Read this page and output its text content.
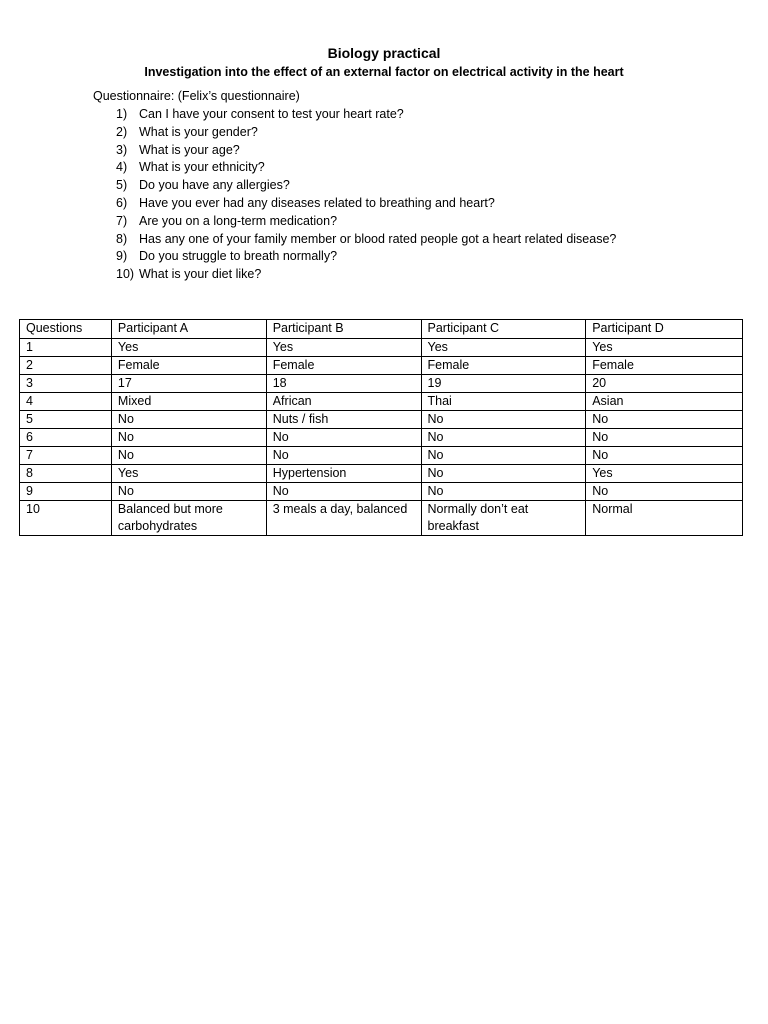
Biology practical
Investigation into the effect of an external factor on electrical activity in the heart
Questionnaire: (Felix’s questionnaire)
1) Can I have your consent to test your heart rate?
2) What is your gender?
3) What is your age?
4) What is your ethnicity?
5) Do you have any allergies?
6) Have you ever had any diseases related to breathing and heart?
7) Are you on a long-term medication?
8) Has any one of your family member or blood rated people got a heart related disease?
9) Do you struggle to breath normally?
10) What is your diet like?
Questions	Participant A	Participant B	Participant C	Participant D
1	Yes	Yes	Yes	Yes
2	Female	Female	Female	Female
3	17	18	19	20
4	Mixed	African	Thai	Asian
5	No	Nuts / fish	No	No
6	No	No	No	No
7	No	No	No	No
8	Yes	Hypertension	No	Yes
9	No	No	No	No
10	Balanced but more carbohydrates	3 meals a day, balanced	Normally don’t eat breakfast	Normal
